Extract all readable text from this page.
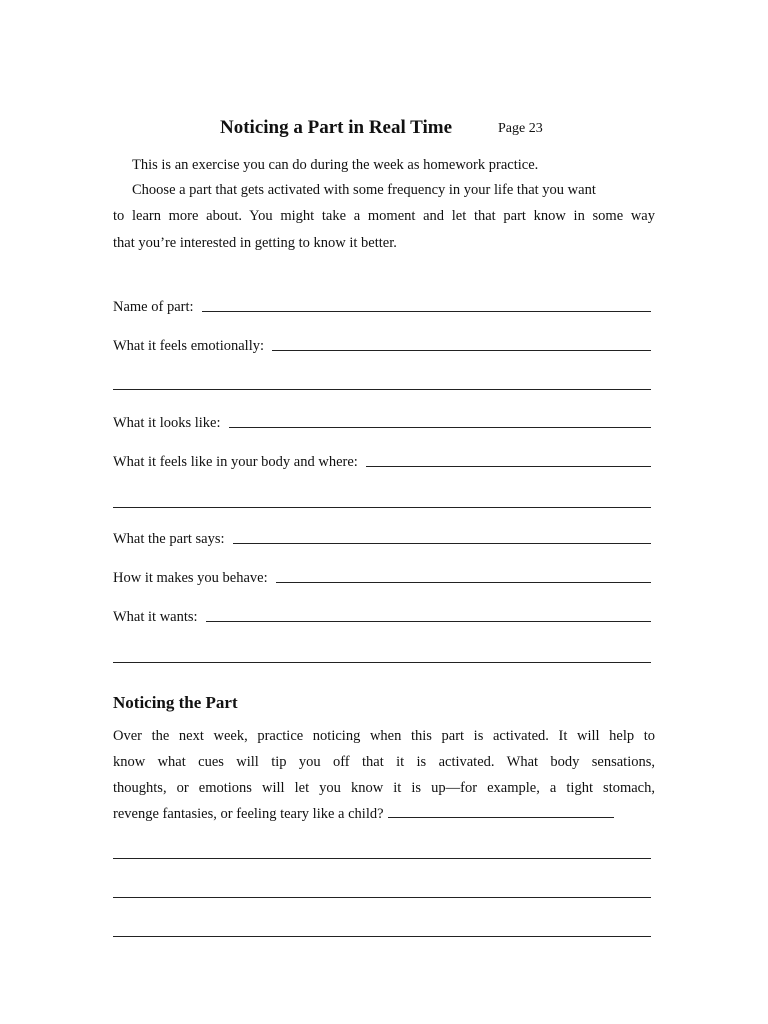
Noticing a Part in Real Time	Page 23
This is an exercise you can do during the week as homework practice.
Choose a part that gets activated with some frequency in your life that you want
to learn more about. You might take a moment and let that part know in some way
that you’re interested in getting to know it better.
Name of part:
What it feels emotionally:
What it looks like:
What it feels like in your body and where:
What the part says:
How it makes you behave:
What it wants:
Noticing the Part
Over the next week, practice noticing when this part is activated. It will help to
know what cues will tip you off that it is activated. What body sensations,
thoughts, or emotions will let you know it is up—for example, a tight stomach,
revenge fantasies, or feeling teary like a child?
